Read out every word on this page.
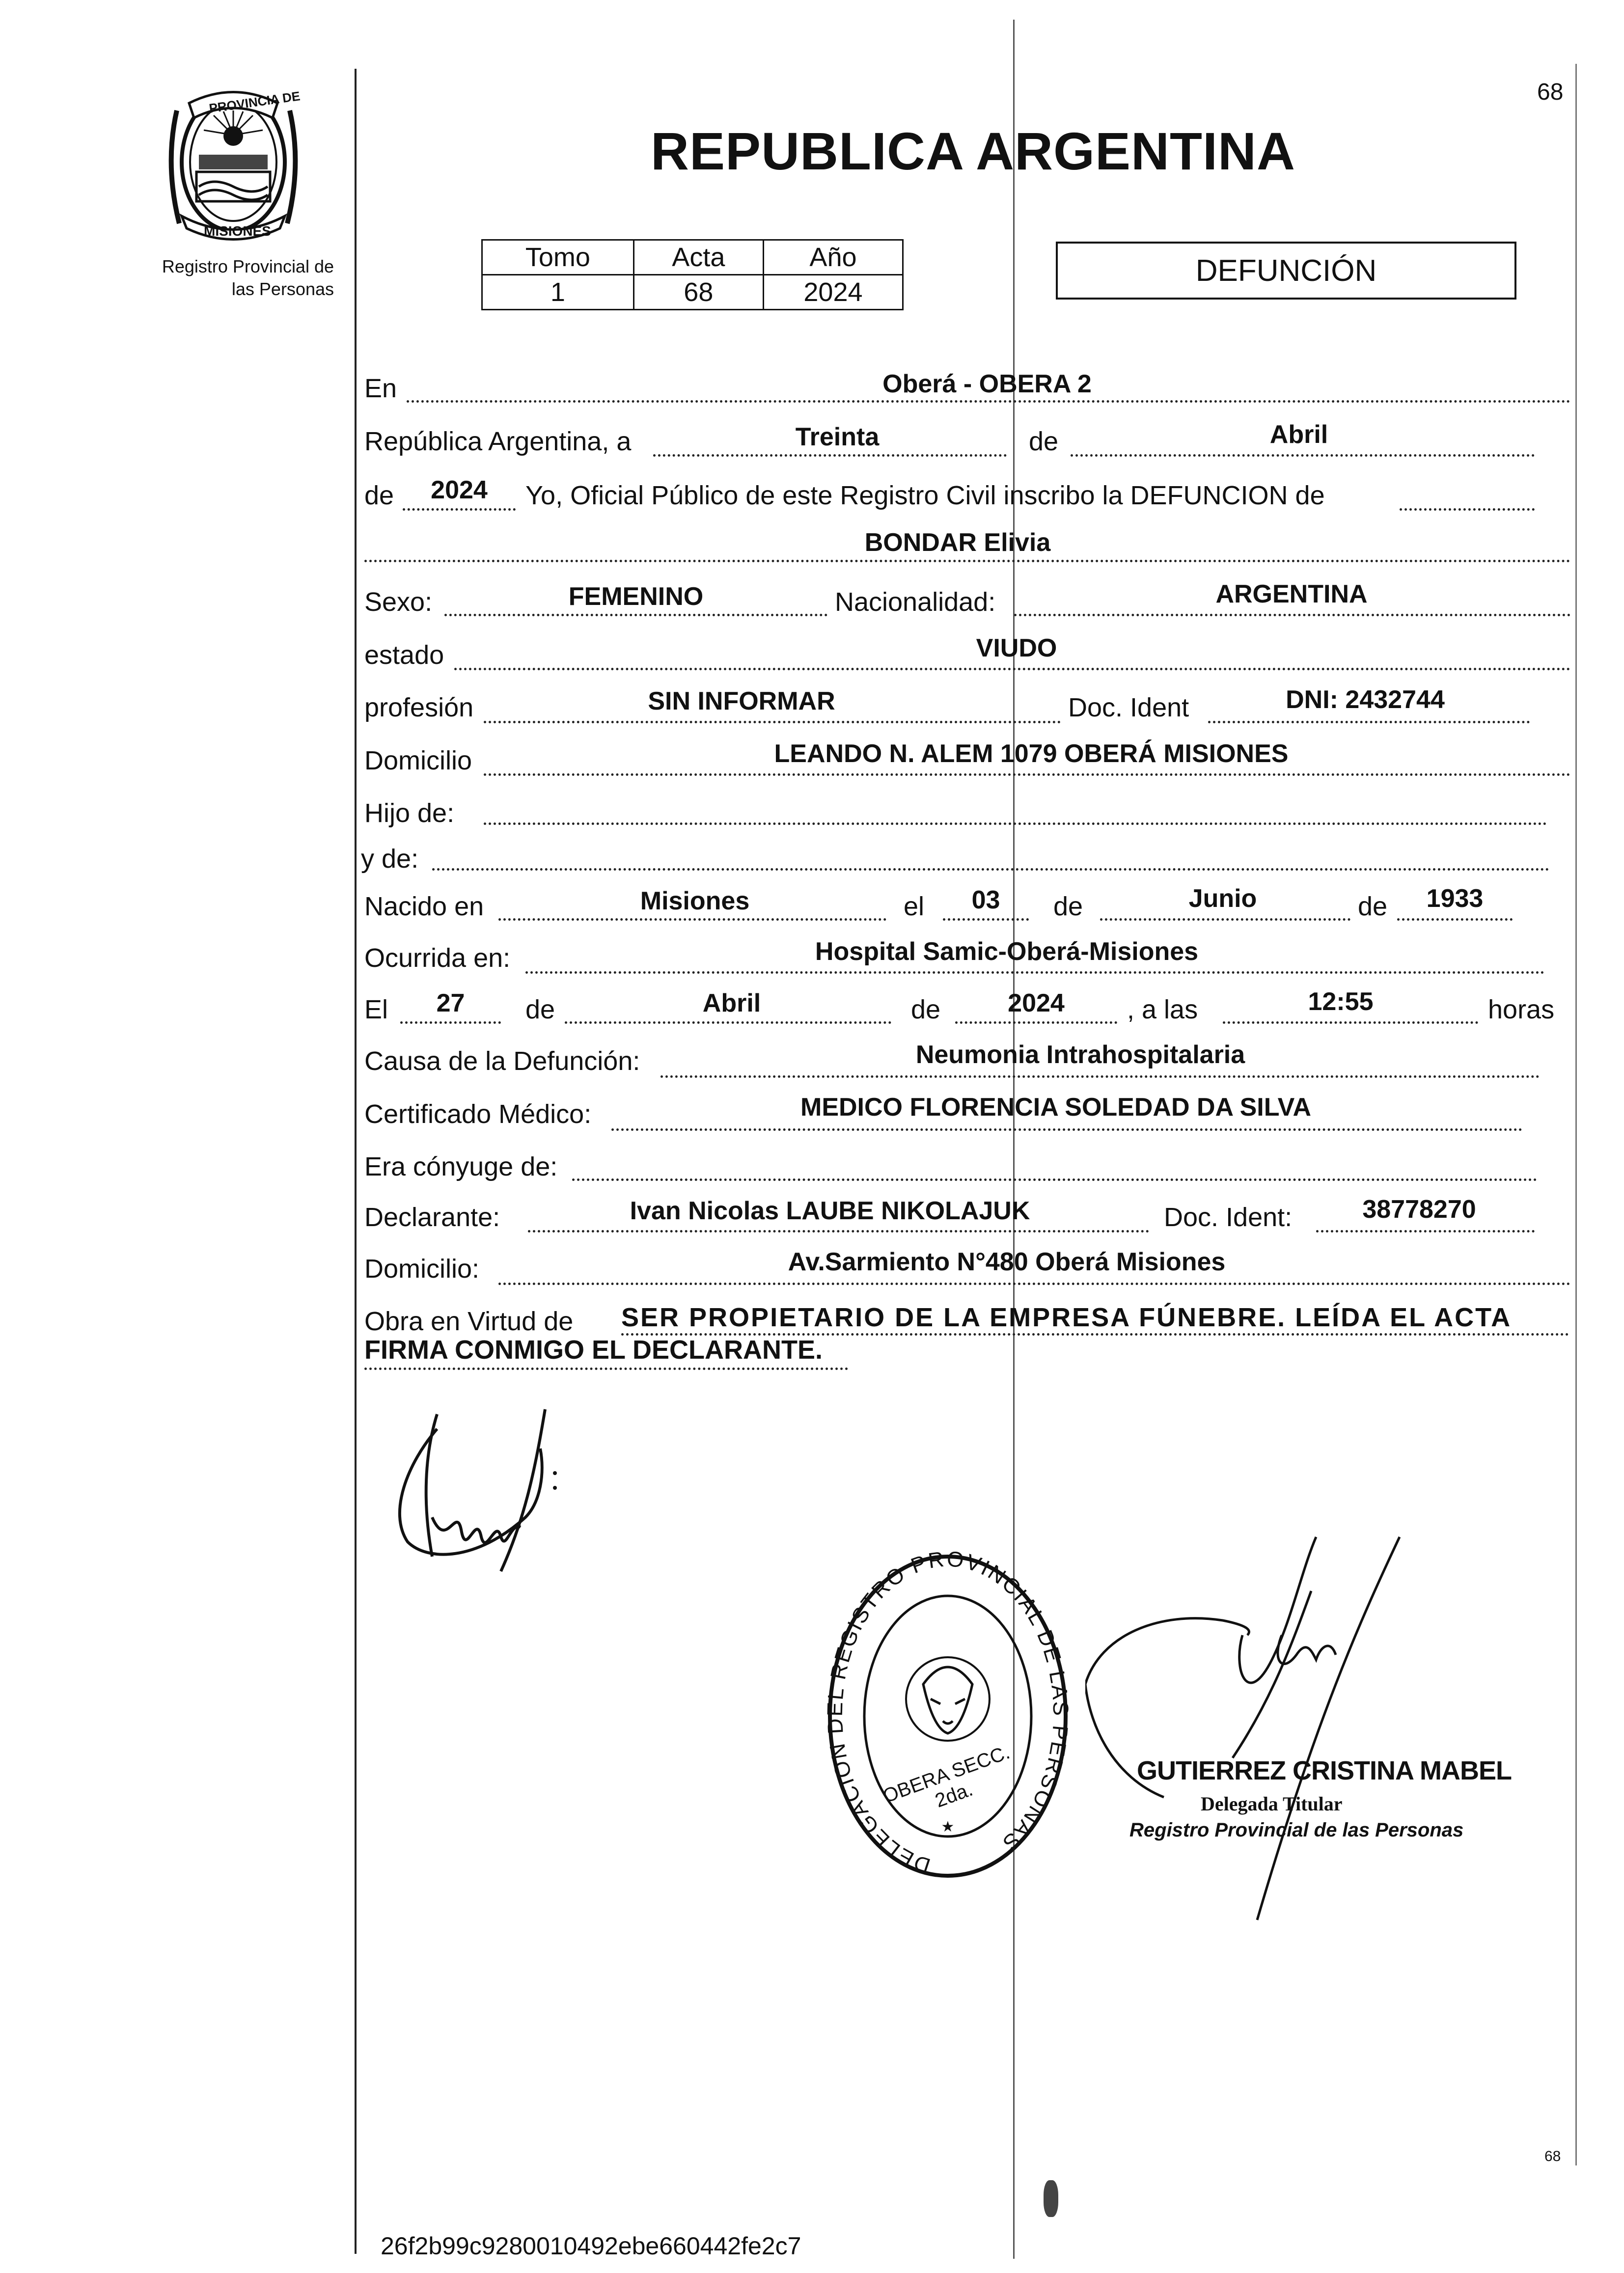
68
68
PROVINCIA DE
MISIONES
Registro Provincial de
las Personas
REPUBLICA ARGENTINA
Tomo	Acta	Año
1	68	2024
DEFUNCIÓN
En	Oberá - OBERA 2
República Argentina, a	Treinta	de	Abril
de	2024	Yo, Oficial Público de este Registro Civil inscribo la DEFUNCION de
BONDAR Elivia
Sexo:	FEMENINO	Nacionalidad:	ARGENTINA
estado	VIUDO
profesión	SIN INFORMAR	Doc. Ident	DNI: 2432744
Domicilio	LEANDO N. ALEM 1079 OBERÁ MISIONES
Hijo de:
y de:
Nacido en	Misiones	el	03	de	Junio	de	1933
Ocurrida en:	Hospital Samic-Oberá-Misiones
El	27	de	Abril	de	2024	, a las	12:55	horas
Causa de la Defunción:	Neumonia Intrahospitalaria
Certificado Médico:	MEDICO FLORENCIA SOLEDAD DA SILVA
Era cónyuge de:
Declarante:	Ivan Nicolas LAUBE NIKOLAJUK	Doc. Ident:	38778270
Domicilio:	Av.Sarmiento N°480 Oberá Misiones
Obra en Virtud de SER PROPIETARIO DE LA EMPRESA FÚNEBRE. LEÍDA EL ACTA
FIRMA CONMIGO EL DECLARANTE.
DELEGACION DEL REGISTRO PROVINCIAL DE LAS PERSONAS
★
OBERA SECC. 2da.
GUTIERREZ CRISTINA MABEL
Delegada Titular
Registro Provincial de las Personas
26f2b99c9280010492ebe660442fe2c7
